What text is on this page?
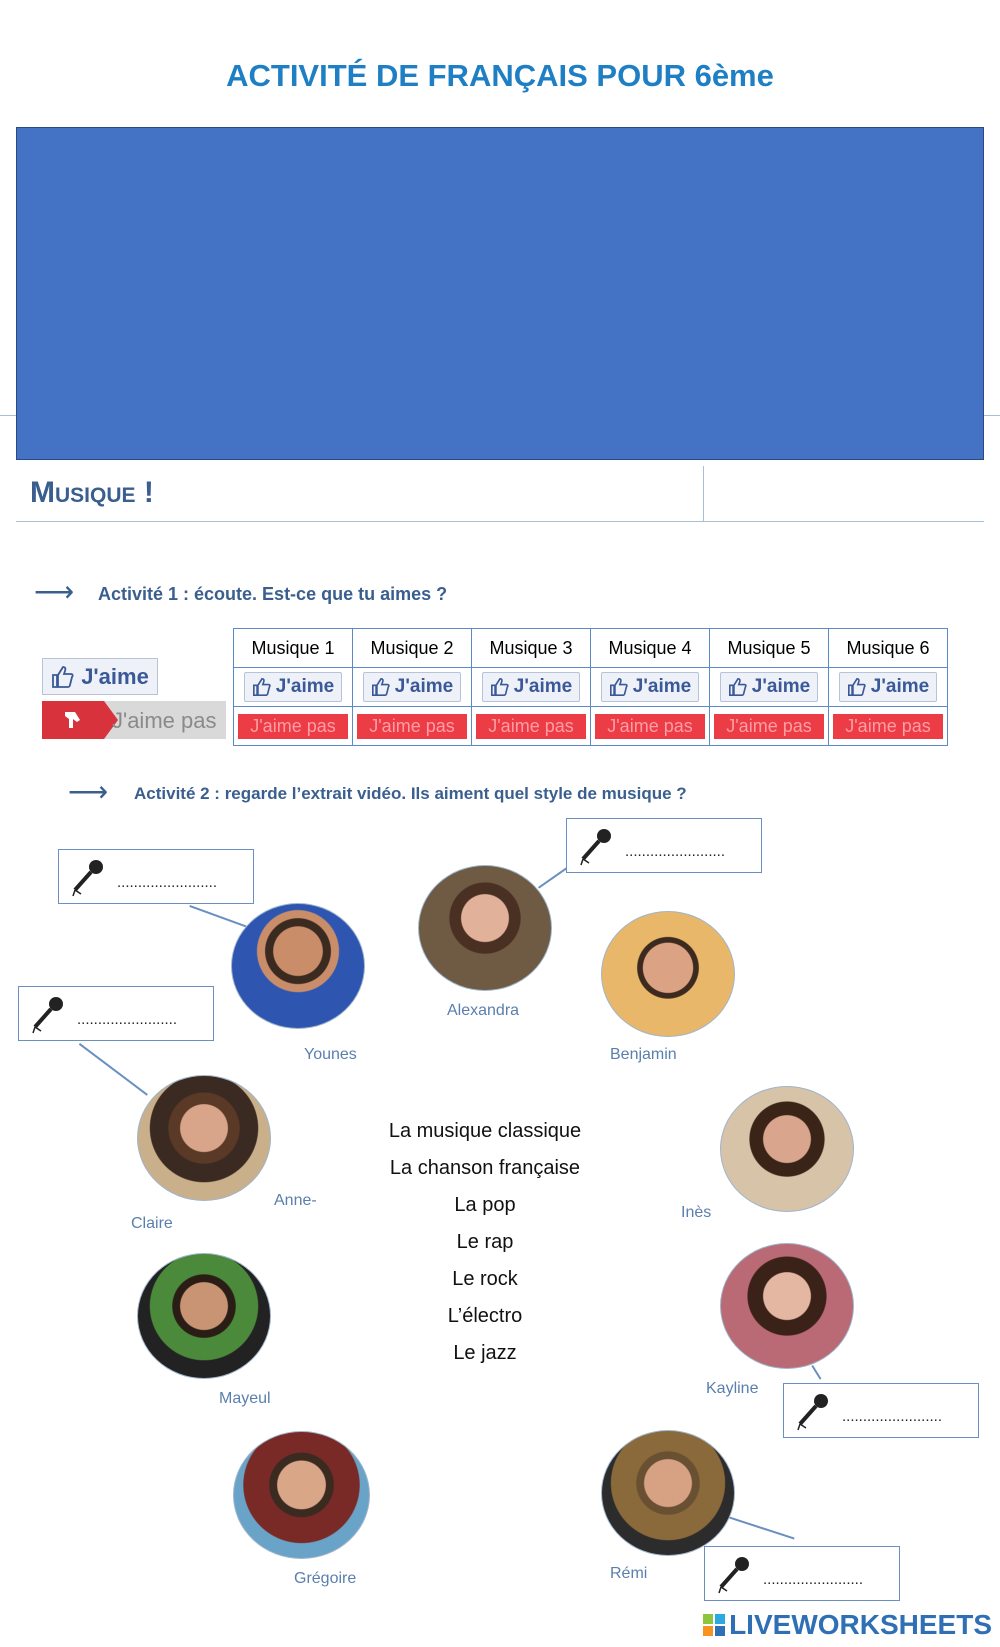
ACTIVITÉ DE FRANÇAIS POUR 6ème
Musique !
⟶ Activité 1 : écoute. Est-ce que tu aimes ?
J'aime
J'aime pas
Musique 1	Musique 2	Musique 3	Musique 4	Musique 5	Musique 6

J'aime	J'aime	J'aime	J'aime	J'aime	J'aime

J'aime pas	J'aime pas	J'aime pas	J'aime pas	J'aime pas	J'aime pas
⟶ Activité 2 : regarde l’extrait vidéo. Ils aiment quel style de musique ?
........................
........................
........................
........................
........................
Younes
Alexandra
Benjamin
Anne-
Claire
Inès
Mayeul
Kayline
Grégoire	Rémi
La musique classique
La chanson française
La pop
Le rap
Le rock
L’électro
Le jazz
LIVEWORKSHEETS
